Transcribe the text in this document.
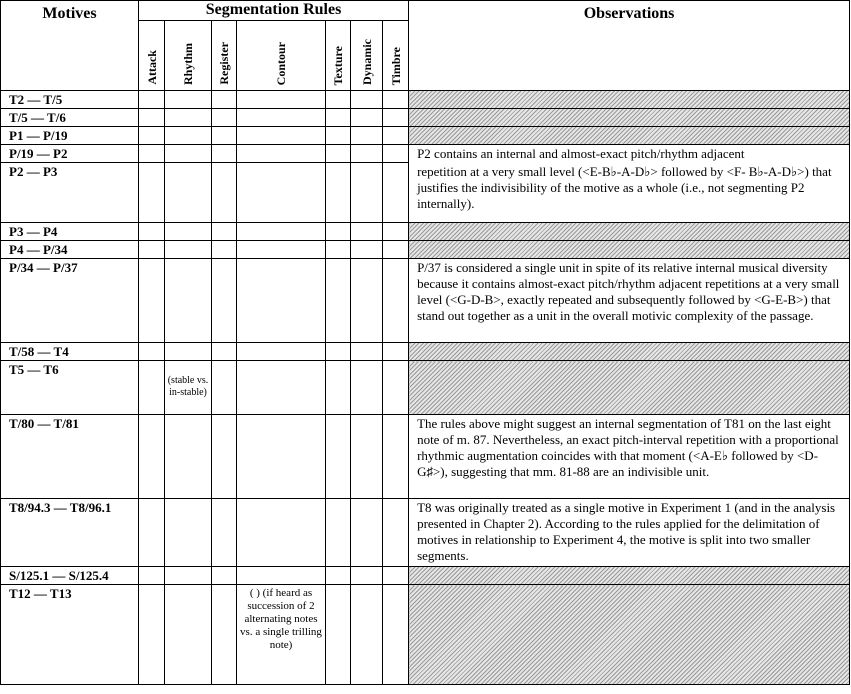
Motives	Segmentation Rules							Observations
	Attack	Rhythm	Register	Contour	Texture	Dynamic	Timbre	
T2 — T/5								
T/5 — T/6								
P1 — P/19								
P/19 — P2								P2 contains an internal and almost-exact pitch/rhythm adjacent
P2 — P3								repetition at a very small level (<E-B♭-A-D♭> followed by <F- B♭-A-D♭>) that justifies the indivisibility of the motive as a whole (i.e., not segmenting P2 internally).
P3 — P4								
P4 — P/34								
P/34 — P/37								P/37 is considered a single unit in spite of its relative internal musical diversity because it contains almost-exact pitch/rhythm adjacent repetitions at a very small level (<G-D-B>, exactly repeated and subsequently followed by <G-E-B>) that stand out together as a unit in the overall motivic complexity of the passage.
T/58 — T4								
T5 — T6		(stable vs. in-stable)						
T/80 — T/81								The rules above might suggest an internal segmentation of T81 on the last eight note of m. 87. Nevertheless, an exact pitch-interval repetition with a proportional rhythmic augmentation coincides with that moment (<A-E♭ followed by <D-G♯>), suggesting that mm. 81-88 are an indivisible unit.
T8/94.3 — T8/96.1								T8 was originally treated as a single motive in Experiment 1 (and in the analysis presented in Chapter 2). According to the rules applied for the delimitation of motives in relationship to Experiment 4, the motive is split into two smaller segments.
S/125.1 — S/125.4								
T12 — T13				( ) (if heard as succession of 2 alternating notes vs. a single trilling note)				
